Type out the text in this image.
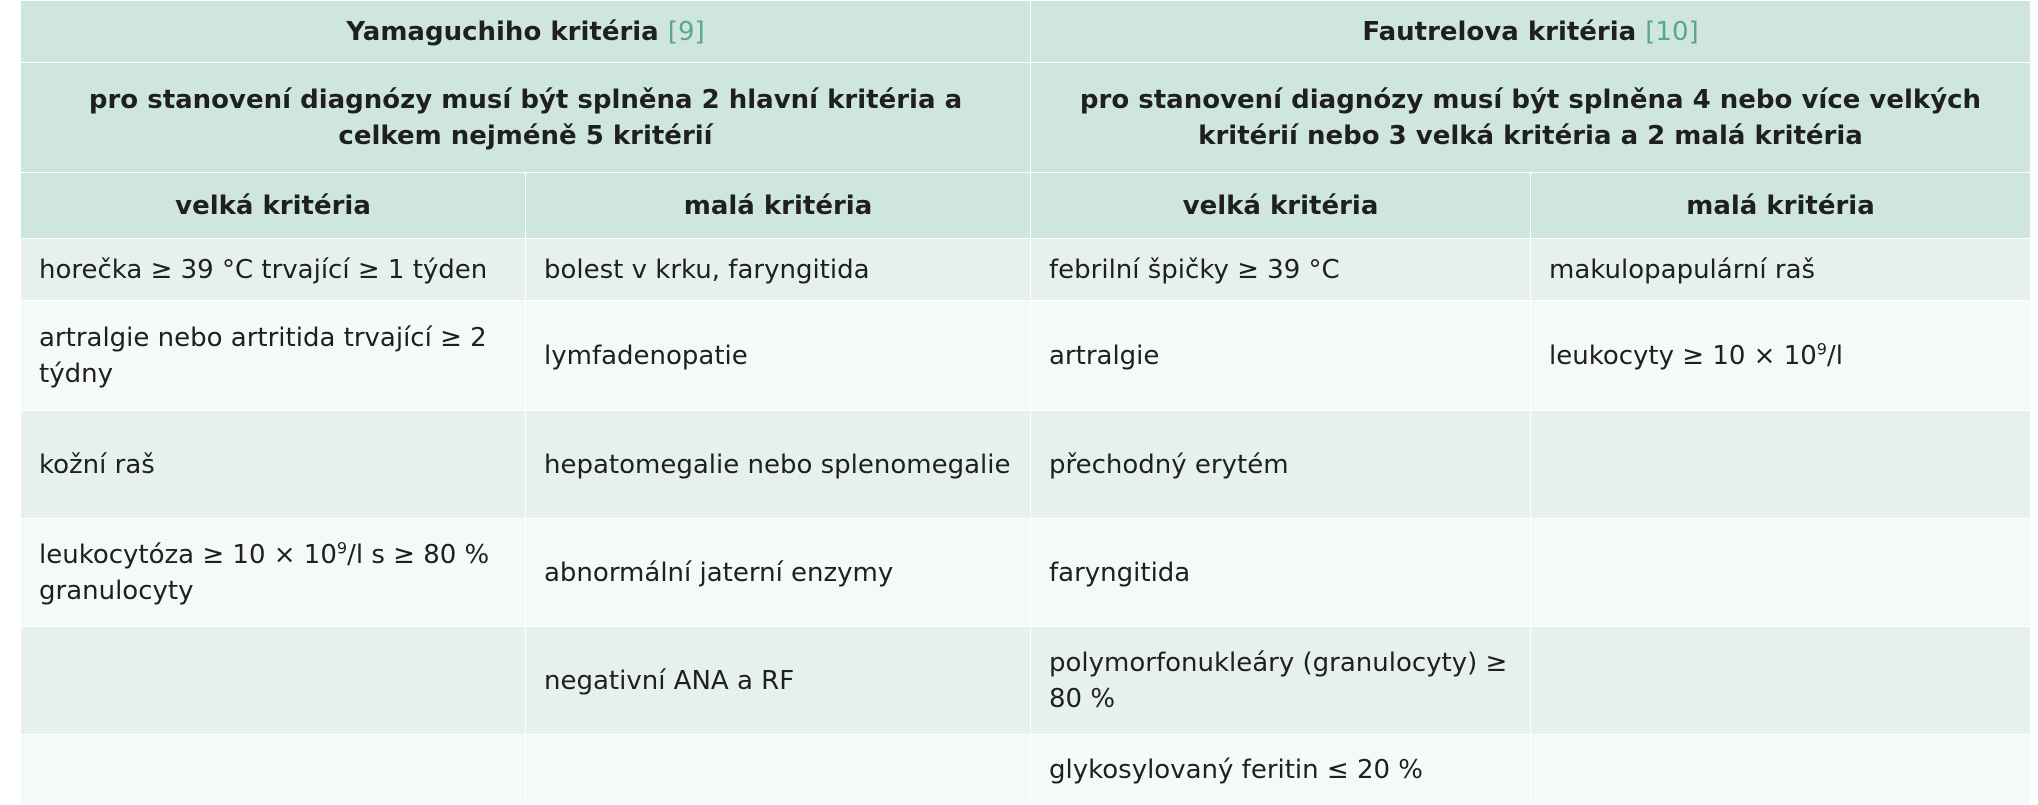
Yamaguchiho kritéria [9]		Fautrelova kritéria [10]	
pro stanovení diagnózy musí být splněna 2 hlavní kritéria a celkem nejméně 5 kritérií		pro stanovení diagnózy musí být splněna 4 nebo více velkých kritérií nebo 3 velká kritéria a 2 malá kritéria	
velká kritéria	malá kritéria	velká kritéria	malá kritéria
horečka ≥ 39 °C trvající ≥ 1 týden	bolest v krku, faryngitida	febrilní špičky ≥ 39 °C	makulopapulární raš
artralgie nebo artritida trvající ≥ 2 týdny	lymfadenopatie	artralgie	leukocyty ≥ $10 \times 10^9/l$
kožní raš	hepatomegalie nebo splenomegalie	přechodný erytém	
leukocytóza ≥ $10 \times 10^9/l$ s ≥ 80 % granulocyty	abnormální jaterní enzymy	faryngitida	
	negativní ANA a RF	polymorfonukleáry (granulocyty) ≥ 80 %	
		glykosylovaný feritin ≤ 20 %	
